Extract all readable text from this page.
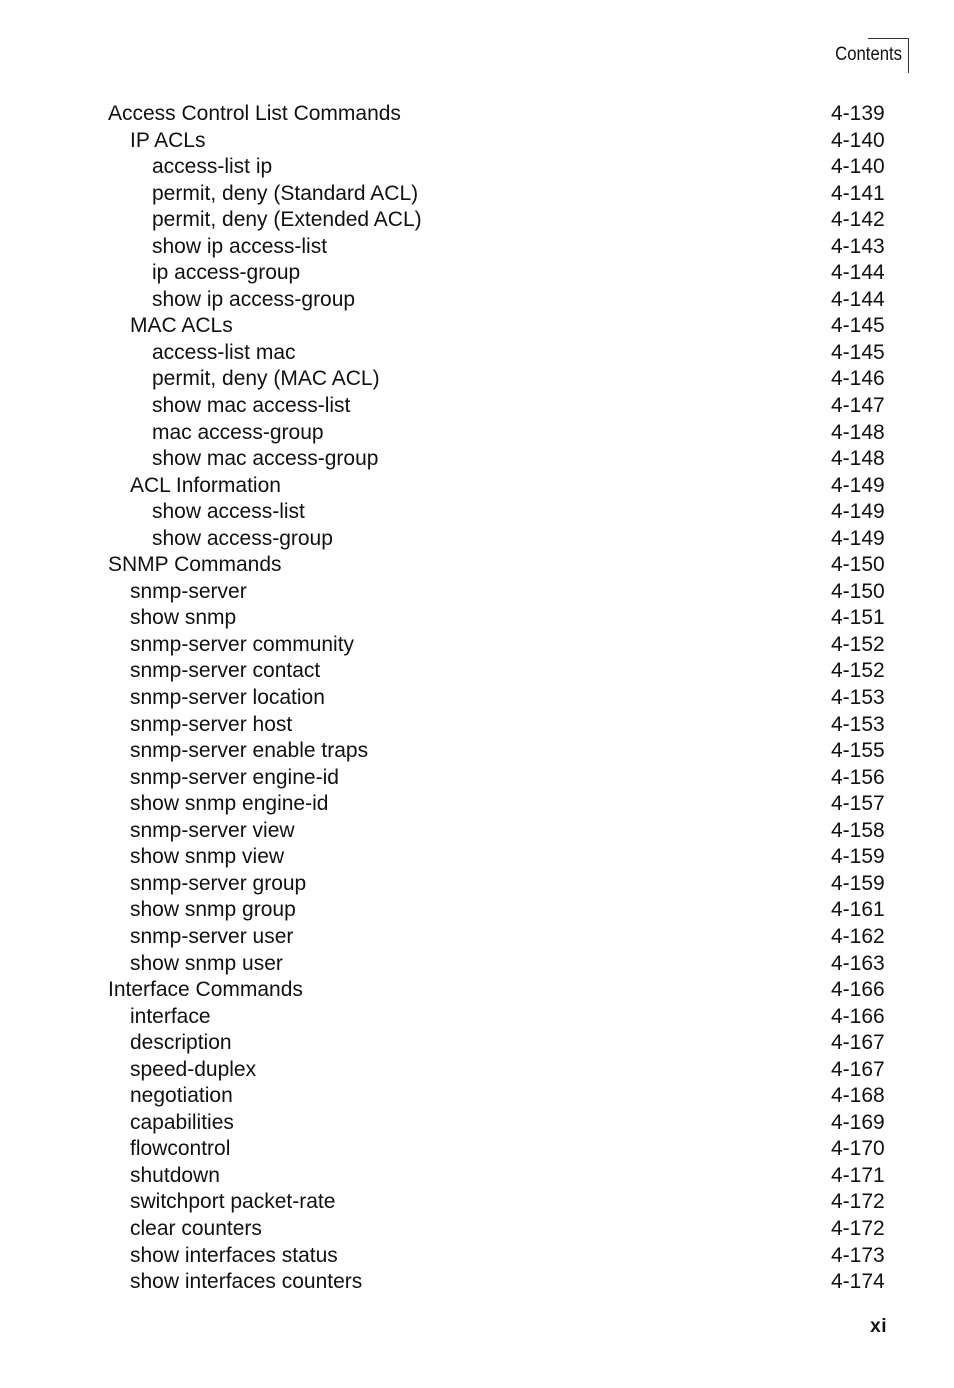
Contents
Access Control List Commands	4-139
IP ACLs	4-140
access-list ip	4-140
permit, deny (Standard ACL)	4-141
permit, deny (Extended ACL)	4-142
show ip access-list	4-143
ip access-group	4-144
show ip access-group	4-144
MAC ACLs	4-145
access-list mac	4-145
permit, deny (MAC ACL)	4-146
show mac access-list	4-147
mac access-group	4-148
show mac access-group	4-148
ACL Information	4-149
show access-list	4-149
show access-group	4-149
SNMP Commands	4-150
snmp-server	4-150
show snmp	4-151
snmp-server community	4-152
snmp-server contact	4-152
snmp-server location	4-153
snmp-server host	4-153
snmp-server enable traps	4-155
snmp-server engine-id	4-156
show snmp engine-id	4-157
snmp-server view	4-158
show snmp view	4-159
snmp-server group	4-159
show snmp group	4-161
snmp-server user	4-162
show snmp user	4-163
Interface Commands	4-166
interface	4-166
description	4-167
speed-duplex	4-167
negotiation	4-168
capabilities	4-169
flowcontrol	4-170
shutdown	4-171
switchport packet-rate	4-172
clear counters	4-172
show interfaces status	4-173
show interfaces counters	4-174
xi
